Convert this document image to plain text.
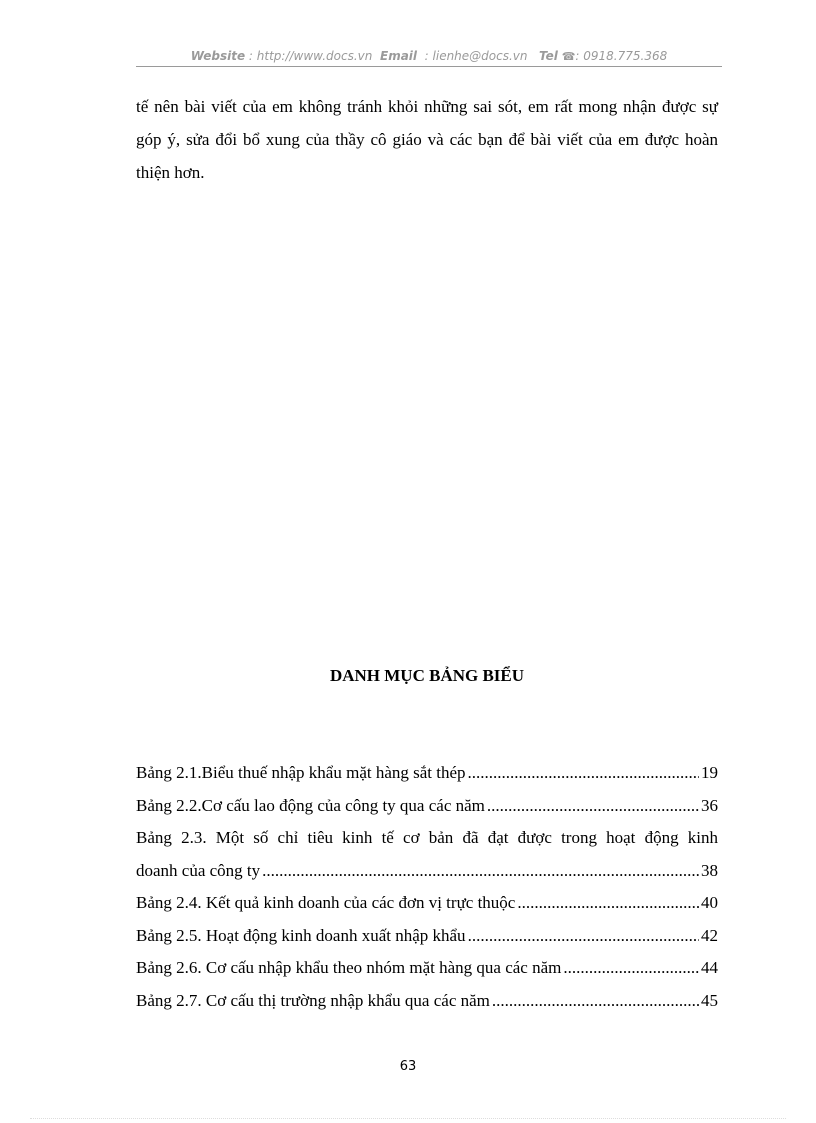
Website : http://www.docs.vn Email : lienhe@docs.vn Tel ☎: 0918.775.368
tế nên bài viết của em không tránh khỏi những sai sót, em rất mong nhận được sự góp ý, sửa đổi bổ xung của thầy cô giáo và các bạn để bài viết của em được hoàn thiện hơn.
DANH MỤC BẢNG BIỂU
Bảng 2.1.Biểu thuế nhập khẩu mặt hàng sắt thép .....	19
Bảng 2.2.Cơ cấu lao động của công ty qua các năm .....	36
Bảng 2.3. Một số chỉ tiêu kinh tế cơ bản đã đạt được trong hoạt động kinh
doanh của công ty .....	38
Bảng 2.4. Kết quả kinh doanh của các đơn vị trực thuộc .....	40
Bảng 2.5. Hoạt động kinh doanh xuất nhập khẩu .....	42
Bảng 2.6. Cơ cấu nhập khẩu theo nhóm mặt hàng qua các năm .....	44
Bảng 2.7. Cơ cấu thị trường nhập khẩu qua các năm .....	45
63
